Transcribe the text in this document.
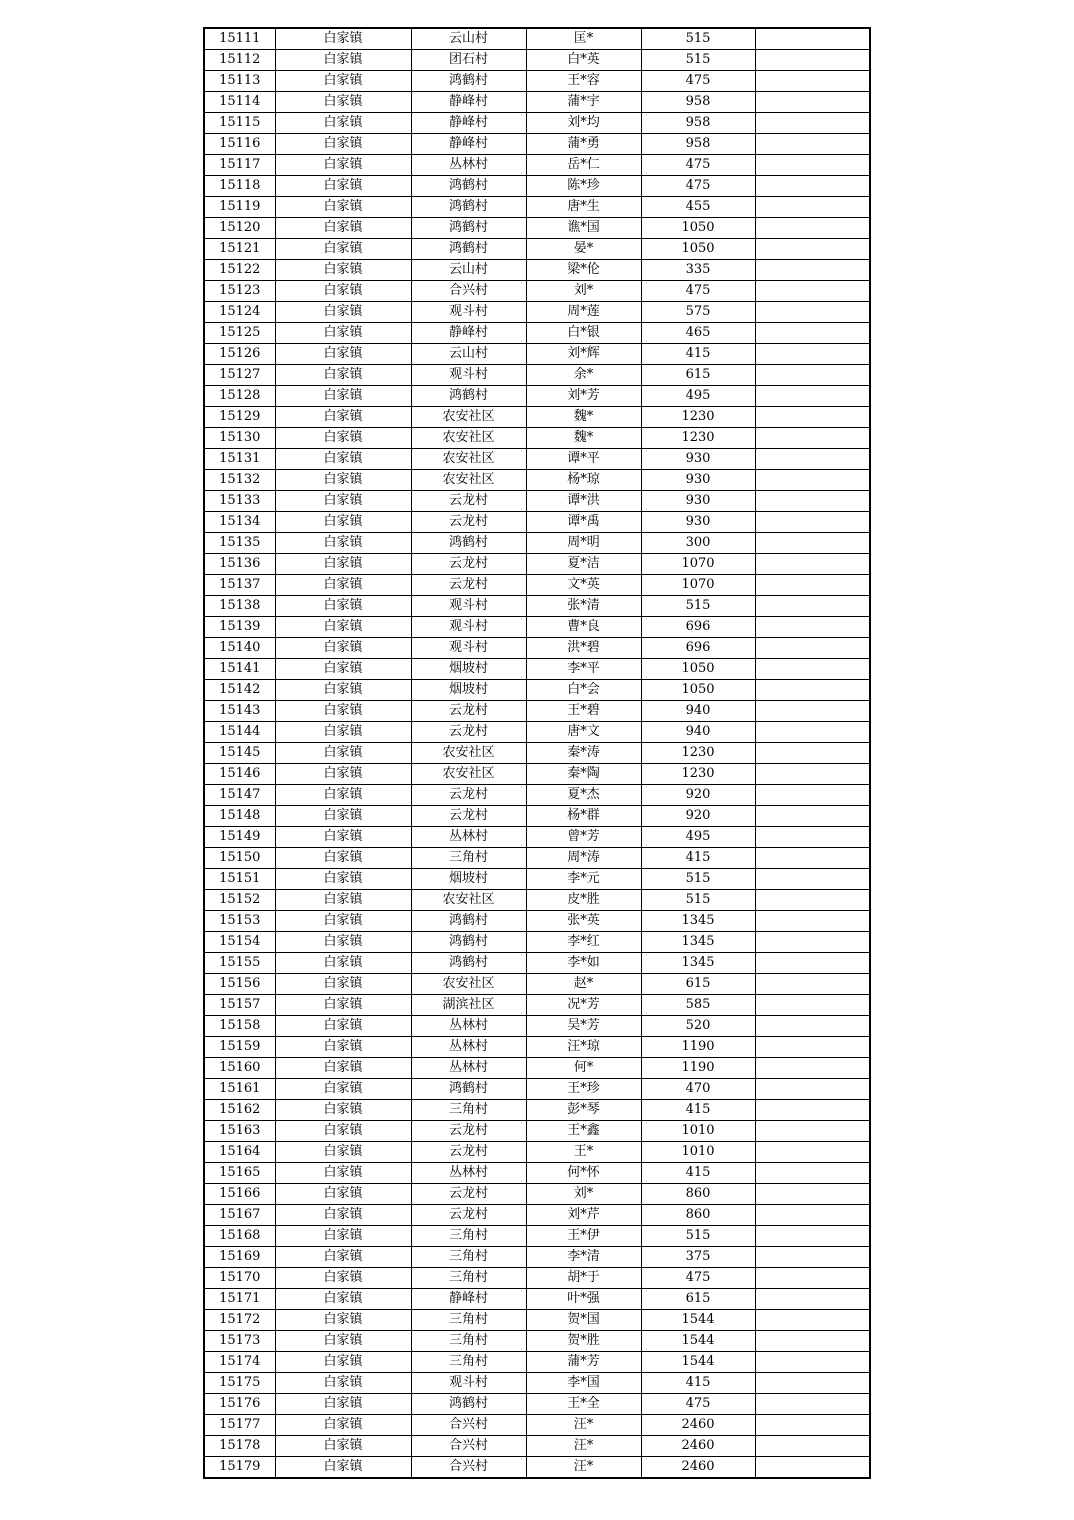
15111	白家镇	云山村	匡*	515	
15112	白家镇	团石村	白*英	515	
15113	白家镇	鸿鹤村	王*容	475	
15114	白家镇	静峰村	蒲*宇	958	
15115	白家镇	静峰村	刘*均	958	
15116	白家镇	静峰村	蒲*勇	958	
15117	白家镇	丛林村	岳*仁	475	
15118	白家镇	鸿鹤村	陈*珍	475	
15119	白家镇	鸿鹤村	唐*生	455	
15120	白家镇	鸿鹤村	谯*国	1050	
15121	白家镇	鸿鹤村	晏*	1050	
15122	白家镇	云山村	梁*伦	335	
15123	白家镇	合兴村	刘*	475	
15124	白家镇	观斗村	周*莲	575	
15125	白家镇	静峰村	白*银	465	
15126	白家镇	云山村	刘*辉	415	
15127	白家镇	观斗村	余*	615	
15128	白家镇	鸿鹤村	刘*芳	495	
15129	白家镇	农安社区	魏*	1230	
15130	白家镇	农安社区	魏*	1230	
15131	白家镇	农安社区	谭*平	930	
15132	白家镇	农安社区	杨*琼	930	
15133	白家镇	云龙村	谭*洪	930	
15134	白家镇	云龙村	谭*禹	930	
15135	白家镇	鸿鹤村	周*明	300	
15136	白家镇	云龙村	夏*洁	1070	
15137	白家镇	云龙村	文*英	1070	
15138	白家镇	观斗村	张*清	515	
15139	白家镇	观斗村	曹*良	696	
15140	白家镇	观斗村	洪*碧	696	
15141	白家镇	烟坡村	李*平	1050	
15142	白家镇	烟坡村	白*会	1050	
15143	白家镇	云龙村	王*碧	940	
15144	白家镇	云龙村	唐*文	940	
15145	白家镇	农安社区	秦*涛	1230	
15146	白家镇	农安社区	秦*陶	1230	
15147	白家镇	云龙村	夏*杰	920	
15148	白家镇	云龙村	杨*群	920	
15149	白家镇	丛林村	曾*芳	495	
15150	白家镇	三角村	周*涛	415	
15151	白家镇	烟坡村	李*元	515	
15152	白家镇	农安社区	皮*胜	515	
15153	白家镇	鸿鹤村	张*英	1345	
15154	白家镇	鸿鹤村	李*红	1345	
15155	白家镇	鸿鹤村	李*如	1345	
15156	白家镇	农安社区	赵*	615	
15157	白家镇	湖滨社区	况*芳	585	
15158	白家镇	丛林村	吴*芳	520	
15159	白家镇	丛林村	汪*琼	1190	
15160	白家镇	丛林村	何*	1190	
15161	白家镇	鸿鹤村	王*珍	470	
15162	白家镇	三角村	彭*琴	415	
15163	白家镇	云龙村	王*鑫	1010	
15164	白家镇	云龙村	王*	1010	
15165	白家镇	丛林村	何*怀	415	
15166	白家镇	云龙村	刘*	860	
15167	白家镇	云龙村	刘*芹	860	
15168	白家镇	三角村	王*伊	515	
15169	白家镇	三角村	李*清	375	
15170	白家镇	三角村	胡*于	475	
15171	白家镇	静峰村	叶*强	615	
15172	白家镇	三角村	贺*国	1544	
15173	白家镇	三角村	贺*胜	1544	
15174	白家镇	三角村	蒲*芳	1544	
15175	白家镇	观斗村	李*国	415	
15176	白家镇	鸿鹤村	王*全	475	
15177	白家镇	合兴村	汪*	2460	
15178	白家镇	合兴村	汪*	2460	
15179	白家镇	合兴村	汪*	2460	
